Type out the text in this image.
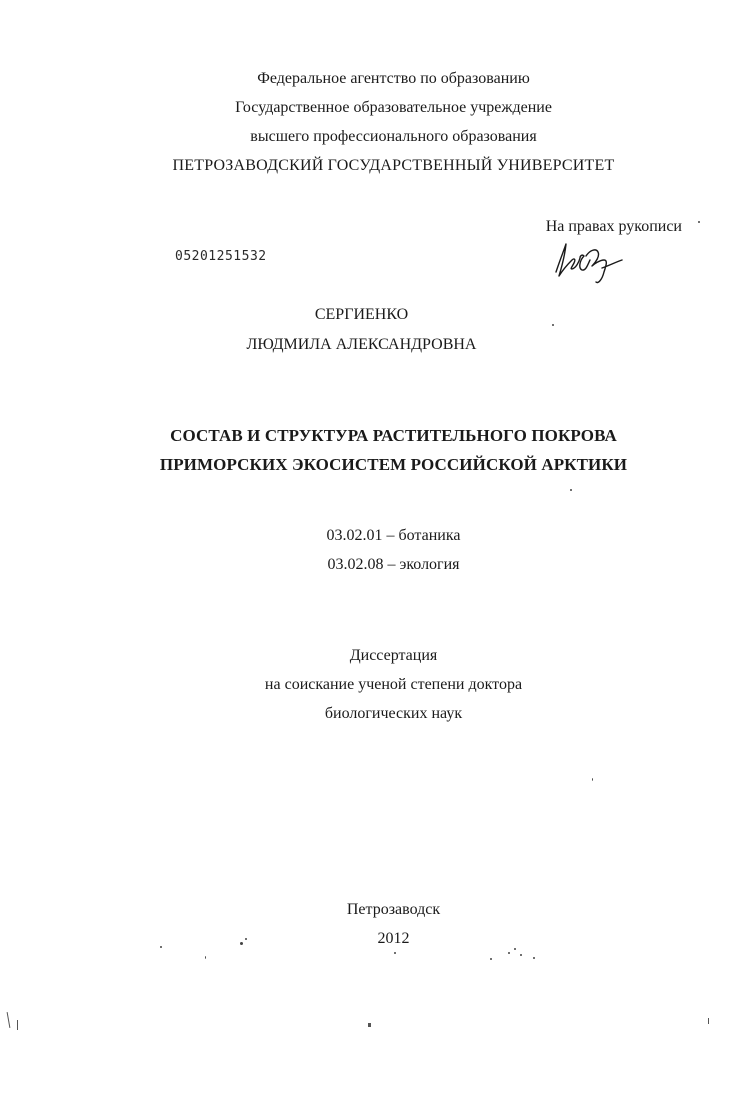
Федеральное агентство по образованию
Государственное образовательное учреждение
высшего профессионального образования
ПЕТРОЗАВОДСКИЙ ГОСУДАРСТВЕННЫЙ УНИВЕРСИТЕТ
На правах рукописи
05201251532
СЕРГИЕНКО
ЛЮДМИЛА АЛЕКСАНДРОВНА
СОСТАВ И СТРУКТУРА РАСТИТЕЛЬНОГО ПОКРОВА
ПРИМОРСКИХ ЭКОСИСТЕМ РОССИЙСКОЙ АРКТИКИ
03.02.01 – ботаника
03.02.08 – экология
Диссертация
на соискание ученой степени доктора
биологических наук
Петрозаводск
2012
